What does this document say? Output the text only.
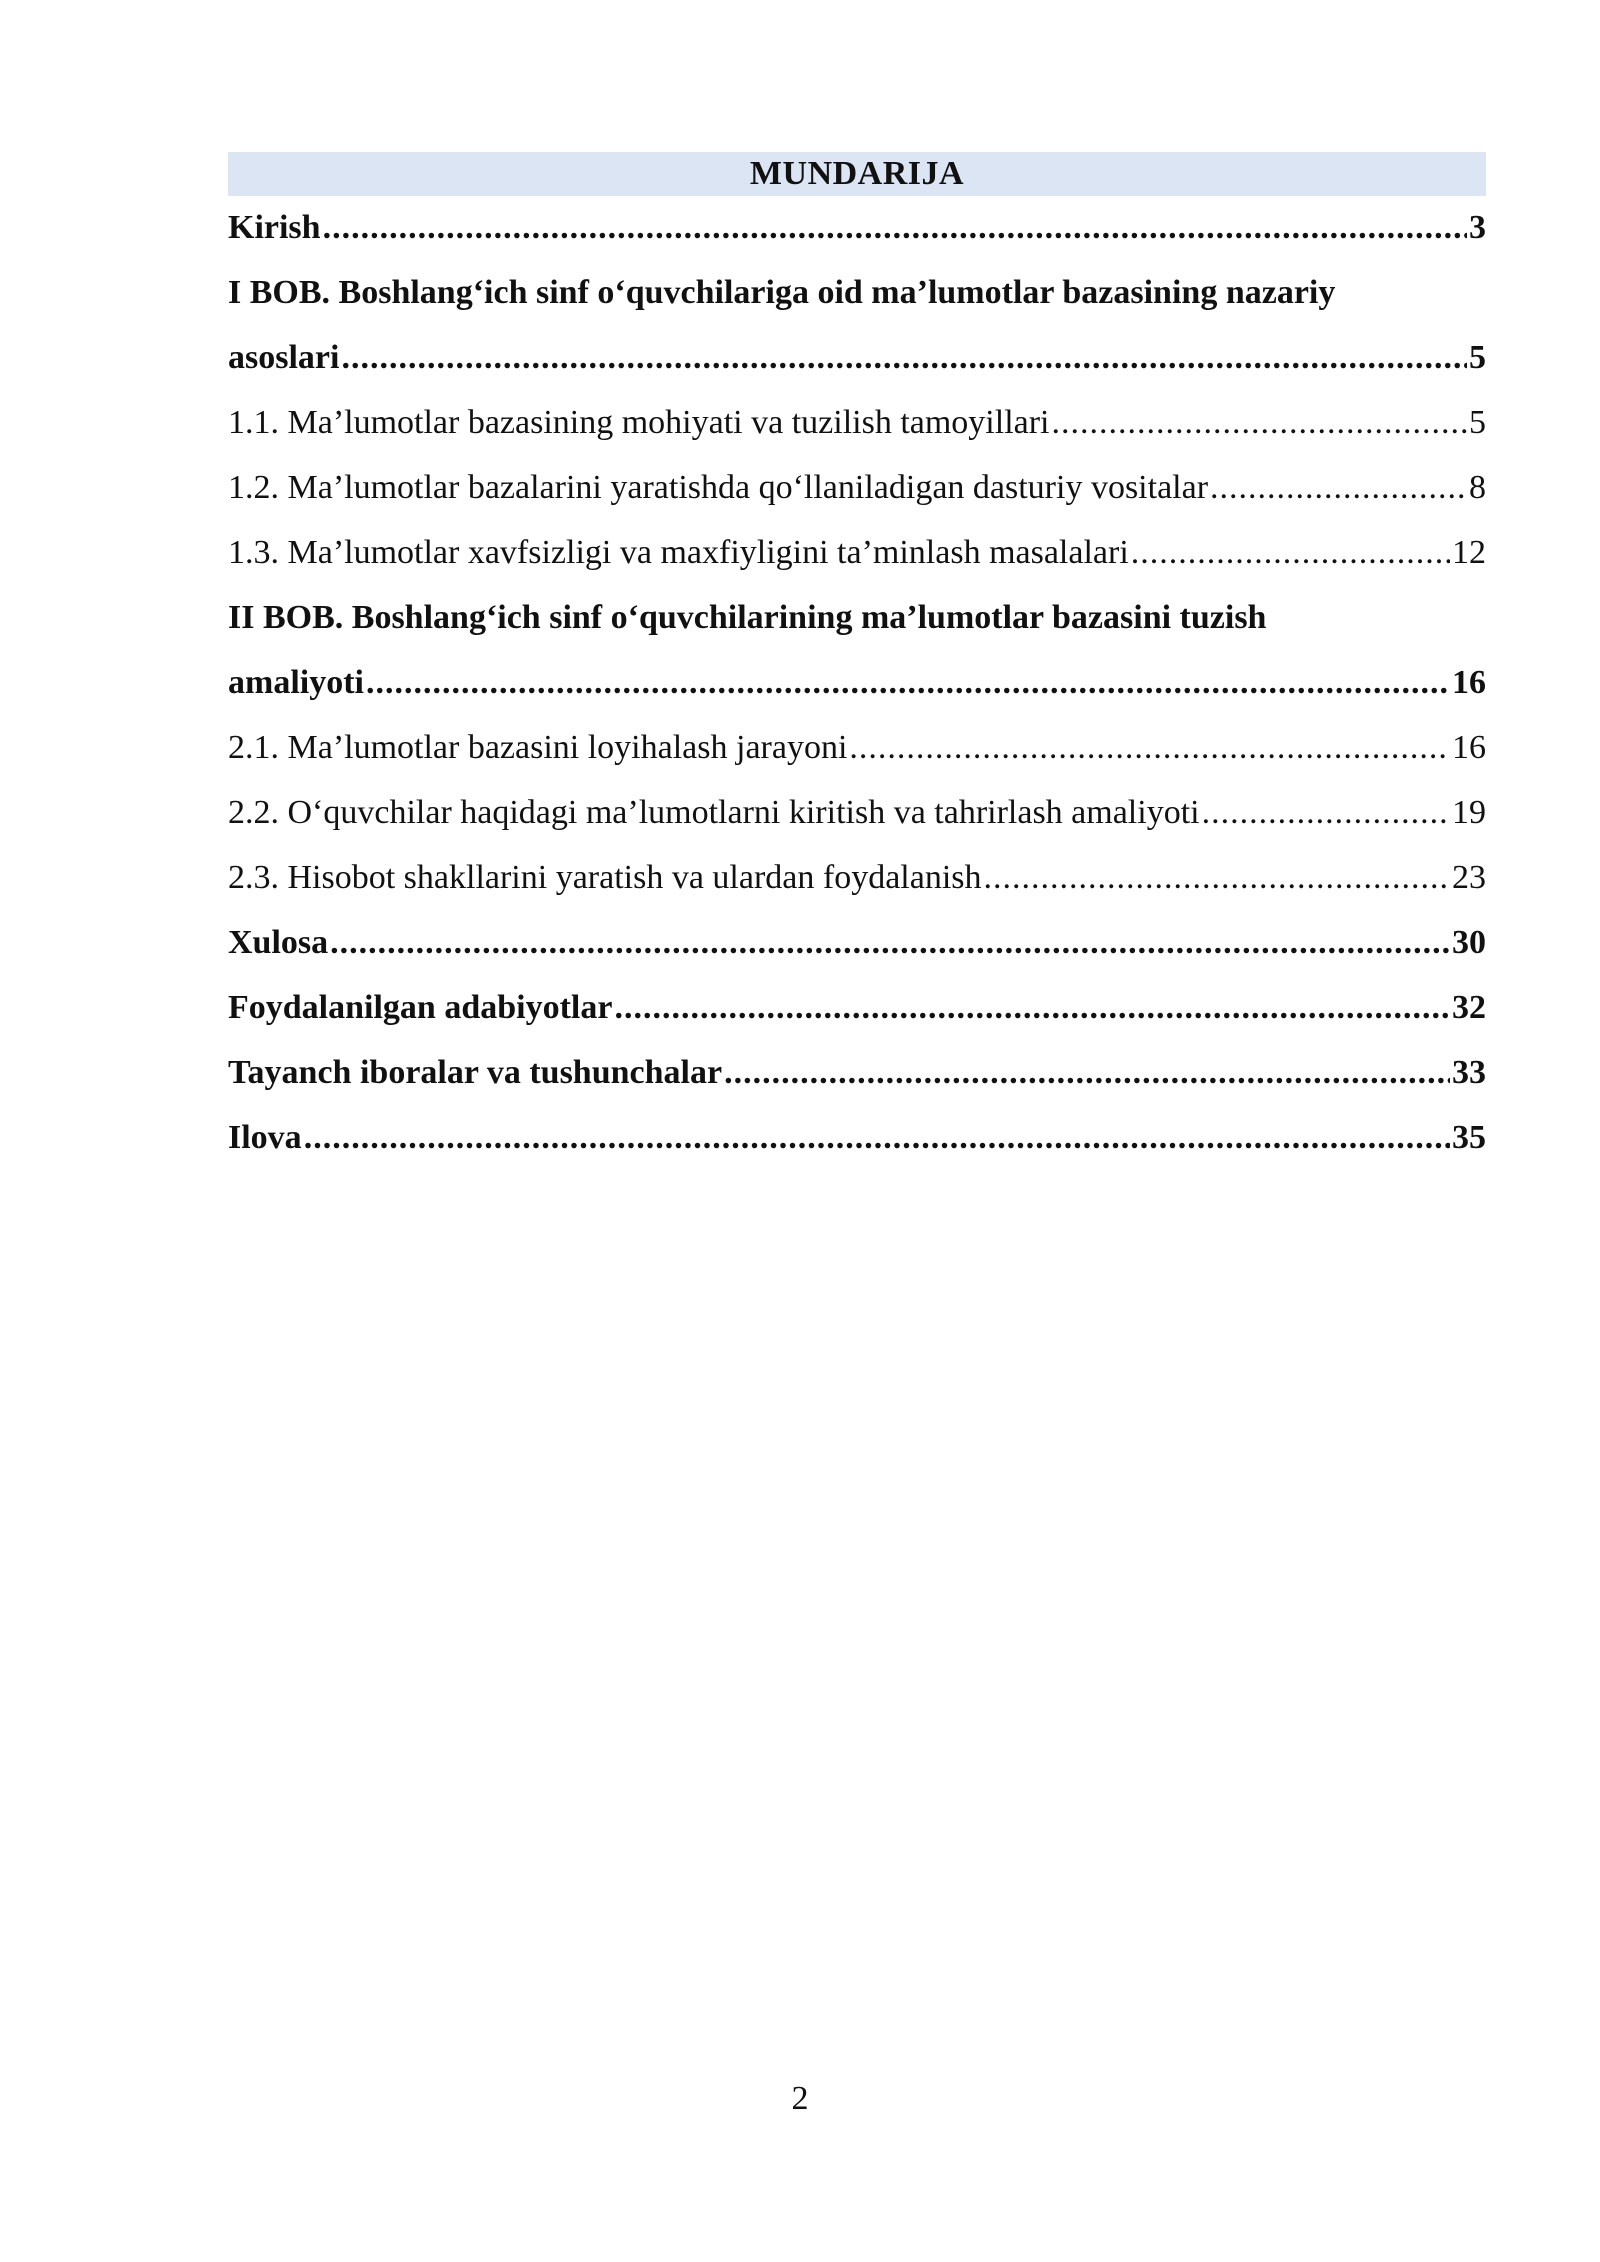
MUNDARIJA
Kirish .....	3
I BOB. Boshlang‘ich sinf o‘quvchilariga oid ma’lumotlar bazasining nazariy
asoslari .....	5
1.1. Ma’lumotlar bazasining mohiyati va tuzilish tamoyillari .....	5
1.2. Ma’lumotlar bazalarini yaratishda qo‘llaniladigan dasturiy vositalar .....	8
1.3. Ma’lumotlar xavfsizligi va maxfiyligini ta’minlash masalalari .....	12
II BOB. Boshlang‘ich sinf o‘quvchilarining ma’lumotlar bazasini tuzish
amaliyoti .....	16
2.1. Ma’lumotlar bazasini loyihalash jarayoni .....	16
2.2. O‘quvchilar haqidagi ma’lumotlarni kiritish va tahrirlash amaliyoti .....	19
2.3. Hisobot shakllarini yaratish va ulardan foydalanish .....	23
Xulosa .....	30
Foydalanilgan adabiyotlar .....	32
Tayanch iboralar va tushunchalar .....	33
Ilova .....	35
2
